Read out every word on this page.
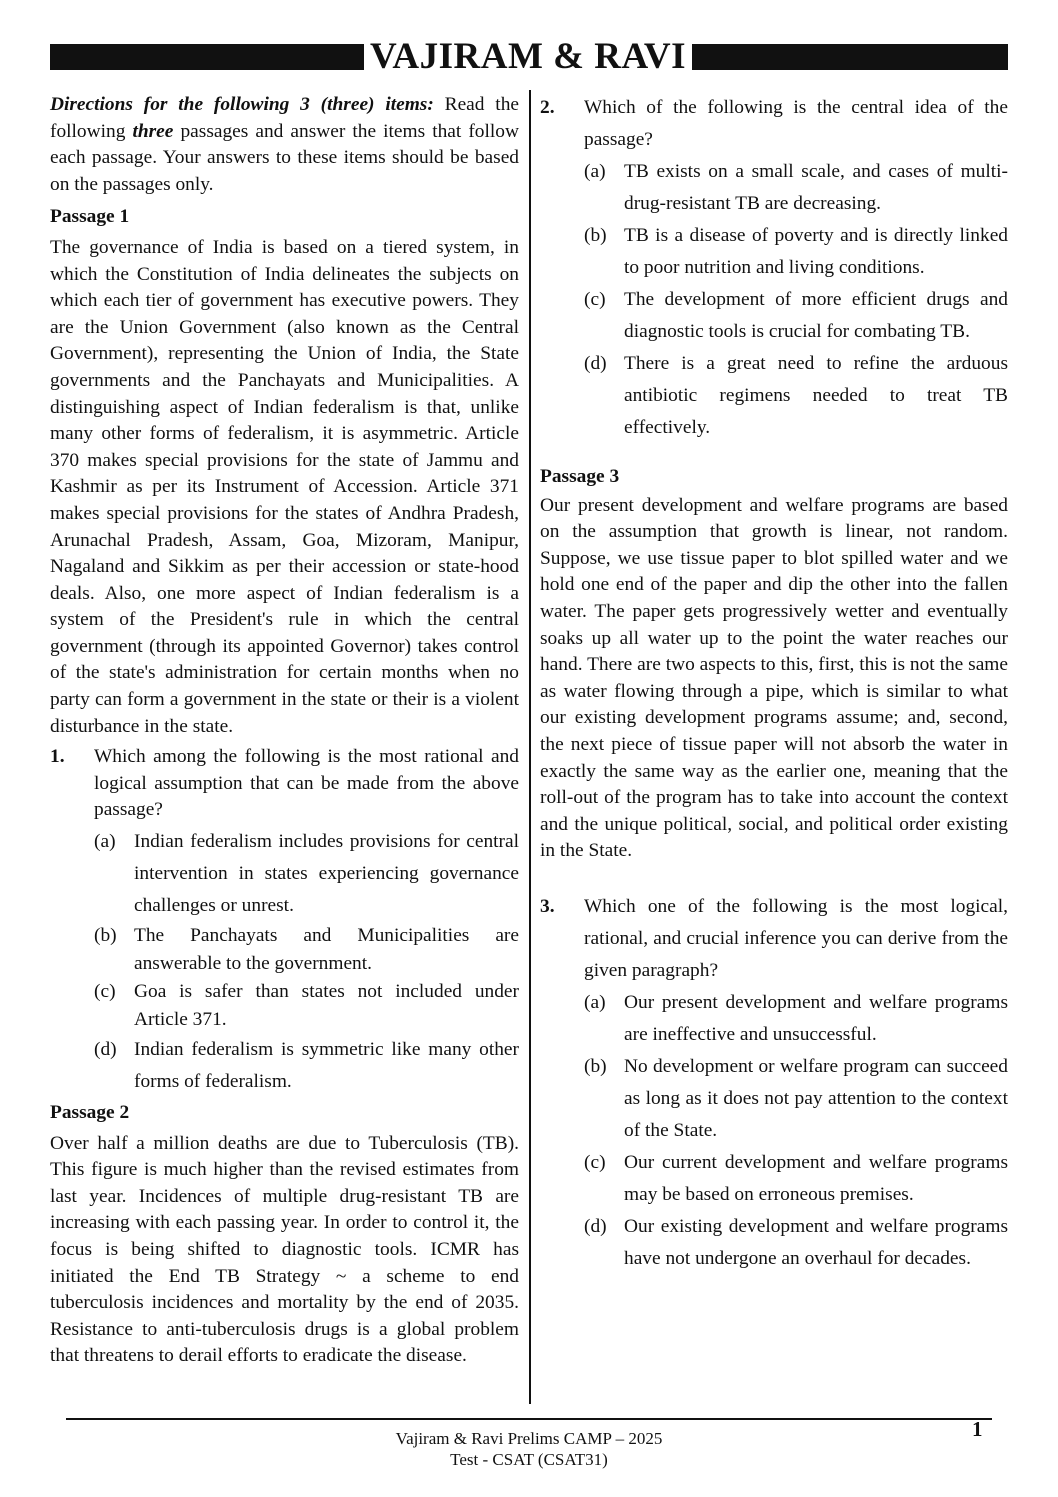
VAJIRAM & RAVI

Directions for the following 3 (three) items: Read the following three passages and answer the items that follow each passage. Your answers to these items should be based on the passages only.

Passage 1

The governance of India is based on a tiered system, in which the Constitution of India delineates the subjects on which each tier of government has executive powers. They are the Union Government (also known as the Central Government), representing the Union of India, the State governments and the Panchayats and Municipalities. A distinguishing aspect of Indian federalism is that, unlike many other forms of federalism, it is asymmetric. Article 370 makes special provisions for the state of Jammu and Kashmir as per its Instrument of Accession. Article 371 makes special provisions for the states of Andhra Pradesh, Arunachal Pradesh, Assam, Goa, Mizoram, Manipur, Nagaland and Sikkim as per their accession or state-hood deals. Also, one more aspect of Indian federalism is a system of the President's rule in which the central government (through its appointed Governor) takes control of the state's administration for certain months when no party can form a government in the state or their is a violent disturbance in the state.

1.	Which among the following is the most rational and logical assumption that can be made from the above passage?
(a) Indian federalism includes provisions for central intervention in states experiencing governance challenges or unrest.
(b) The Panchayats and Municipalities are answerable to the government.
(c) Goa is safer than states not included under Article 371.
(d) Indian federalism is symmetric like many other forms of federalism.

Passage 2

Over half a million deaths are due to Tuberculosis (TB). This figure is much higher than the revised estimates from last year. Incidences of multiple drug-resistant TB are increasing with each passing year. In order to control it, the focus is being shifted to diagnostic tools. ICMR has initiated the End TB Strategy ~ a scheme to end tuberculosis incidences and mortality by the end of 2035. Resistance to anti-tuberculosis drugs is a global problem that threatens to derail efforts to eradicate the disease.

2.	Which of the following is the central idea of the passage?
(a) TB exists on a small scale, and cases of multi-drug-resistant TB are decreasing.
(b) TB is a disease of poverty and is directly linked to poor nutrition and living conditions.
(c) The development of more efficient drugs and diagnostic tools is crucial for combating TB.
(d) There is a great need to refine the arduous antibiotic regimens needed to treat TB effectively.

Passage 3

Our present development and welfare programs are based on the assumption that growth is linear, not random. Suppose, we use tissue paper to blot spilled water and we hold one end of the paper and dip the other into the fallen water. The paper gets progressively wetter and eventually soaks up all water up to the point the water reaches our hand. There are two aspects to this, first, this is not the same as water flowing through a pipe, which is similar to what our existing development programs assume; and, second, the next piece of tissue paper will not absorb the water in exactly the same way as the earlier one, meaning that the roll-out of the program has to take into account the context and the unique political, social, and political order existing in the State.

3.	Which one of the following is the most logical, rational, and crucial inference you can derive from the given paragraph?
(a) Our present development and welfare programs are ineffective and unsuccessful.
(b) No development or welfare program can succeed as long as it does not pay attention to the context of the State.
(c) Our current development and welfare programs may be based on erroneous premises.
(d) Our existing development and welfare programs have not undergone an overhaul for decades.
1
Vajiram & Ravi Prelims CAMP – 2025
Test - CSAT (CSAT31)
